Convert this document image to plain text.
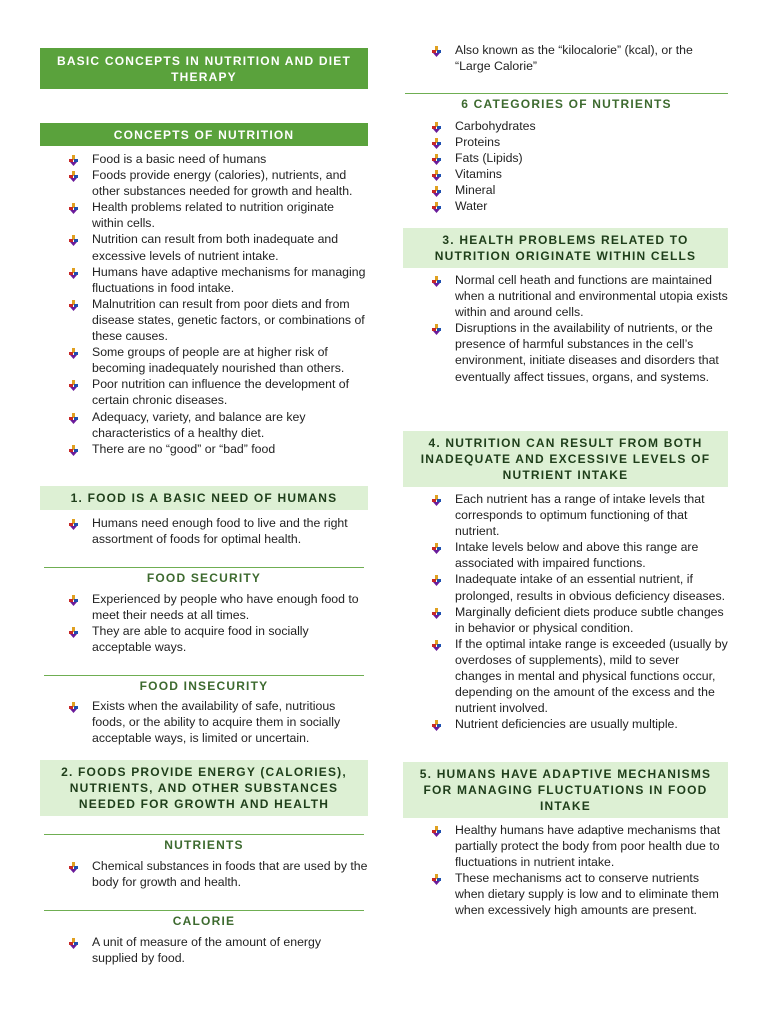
BASIC CONCEPTS IN NUTRITION AND DIET THERAPY
CONCEPTS OF NUTRITION
Food is a basic need of humans
Foods provide energy (calories), nutrients, and other substances needed for growth and health.
Health problems related to nutrition originate within cells.
Nutrition can result from both inadequate and excessive levels of nutrient intake.
Humans have adaptive mechanisms for managing fluctuations in food intake.
Malnutrition can result from poor diets and from disease states, genetic factors, or combinations of these causes.
Some groups of people are at higher risk of becoming inadequately nourished than others.
Poor nutrition can influence the development of certain chronic diseases.
Adequacy, variety, and balance are key characteristics of a healthy diet.
There are no “good” or “bad” food
1. FOOD IS A BASIC NEED OF HUMANS
Humans need enough food to live and the right assortment of foods for optimal health.
FOOD SECURITY
Experienced by people who have enough food to meet their needs at all times.
They are able to acquire food in socially acceptable ways.
FOOD INSECURITY
Exists when the availability of safe, nutritious foods, or the ability to acquire them in socially acceptable ways, is limited or uncertain.
2. FOODS PROVIDE ENERGY (CALORIES), NUTRIENTS, AND OTHER SUBSTANCES NEEDED FOR GROWTH AND HEALTH
NUTRIENTS
Chemical substances in foods that are used by the body for growth and health.
CALORIE
A unit of measure of the amount of energy supplied by food.
Also known as the “kilocalorie” (kcal), or the “Large Calorie”
6 CATEGORIES OF NUTRIENTS
Carbohydrates
Proteins
Fats (Lipids)
Vitamins
Mineral
Water
3. HEALTH PROBLEMS RELATED TO NUTRITION ORIGINATE WITHIN CELLS
Normal cell heath and functions are maintained when a nutritional and environmental utopia exists within and around cells.
Disruptions in the availability of nutrients, or the presence of harmful substances in the cell’s environment, initiate diseases and disorders that eventually affect tissues, organs, and systems.
4. NUTRITION CAN RESULT FROM BOTH INADEQUATE AND EXCESSIVE LEVELS OF NUTRIENT INTAKE
Each nutrient has a range of intake levels that corresponds to optimum functioning of that nutrient.
Intake levels below and above this range are associated with impaired functions.
Inadequate intake of an essential nutrient, if prolonged, results in obvious deficiency diseases.
Marginally deficient diets produce subtle changes in behavior or physical condition.
If the optimal intake range is exceeded (usually by overdoses of supplements), mild to sever changes in mental and physical functions occur, depending on the amount of the excess and the nutrient involved.
Nutrient deficiencies are usually multiple.
5. HUMANS HAVE ADAPTIVE MECHANISMS FOR MANAGING FLUCTUATIONS IN FOOD INTAKE
Healthy humans have adaptive mechanisms that partially protect the body from poor health due to fluctuations in nutrient intake.
These mechanisms act to conserve nutrients when dietary supply is low and to eliminate them when excessively high amounts are present.
